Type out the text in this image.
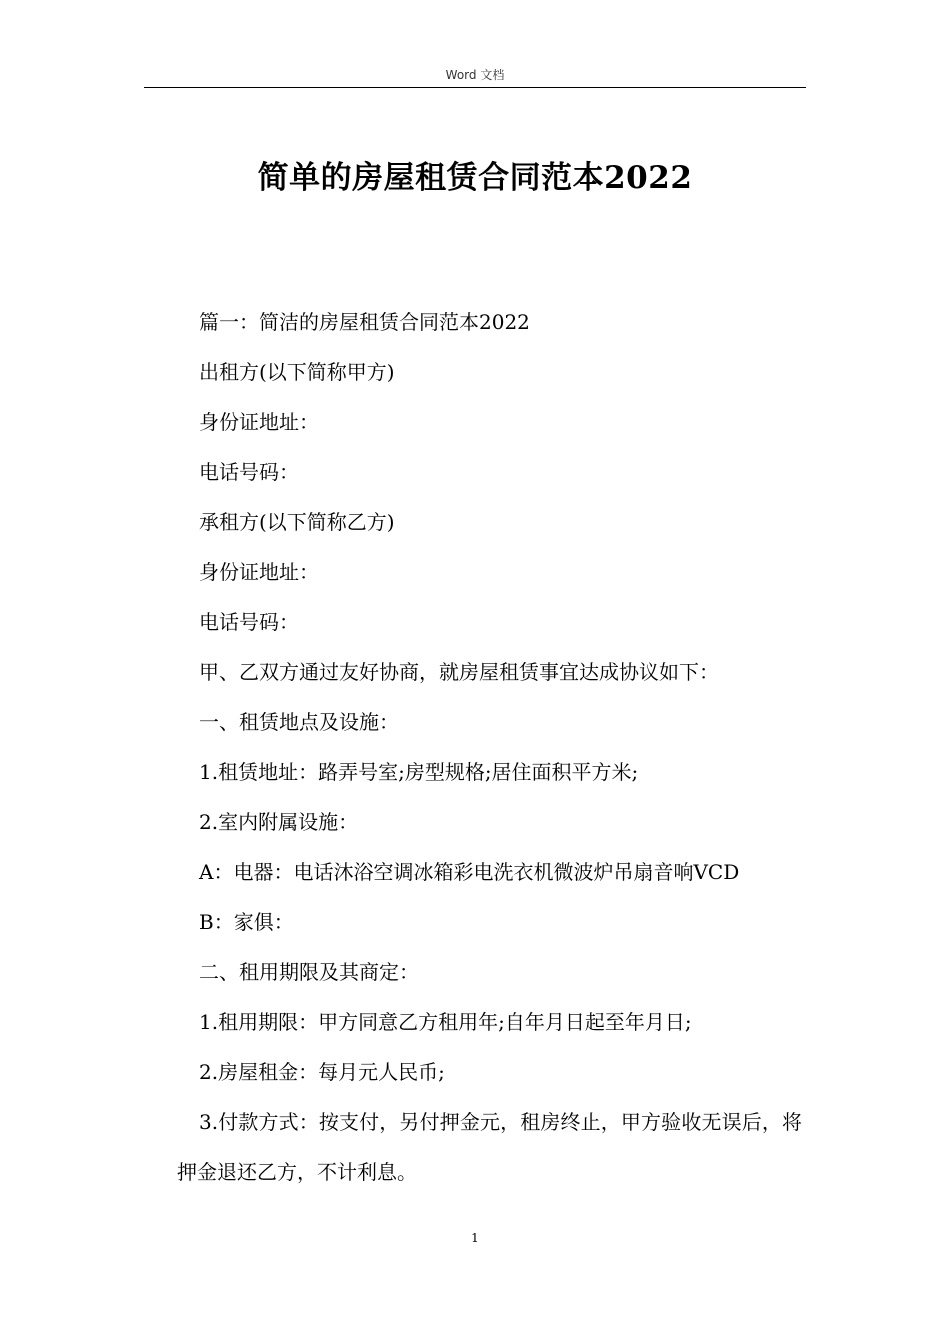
Word 文档
简单的房屋租赁合同范本2022

篇一：简洁的房屋租赁合同范本2022

出租方(以下简称甲方)

身份证地址：

电话号码：

承租方(以下简称乙方)

身份证地址：

电话号码：

甲、乙双方通过友好协商，就房屋租赁事宜达成协议如下：

一、租赁地点及设施：

1.租赁地址：路弄号室;房型规格;居住面积平方米;

2.室内附属设施：

A：电器：电话沐浴空调冰箱彩电洗衣机微波炉吊扇音响VCD

B：家俱：

二、租用期限及其商定：

1.租用期限：甲方同意乙方租用年;自年月日起至年月日;

2.房屋租金：每月元人民币;

3.付款方式：按支付，另付押金元，租房终止，甲方验收无误后，将押金退还乙方，不计利息。

1
